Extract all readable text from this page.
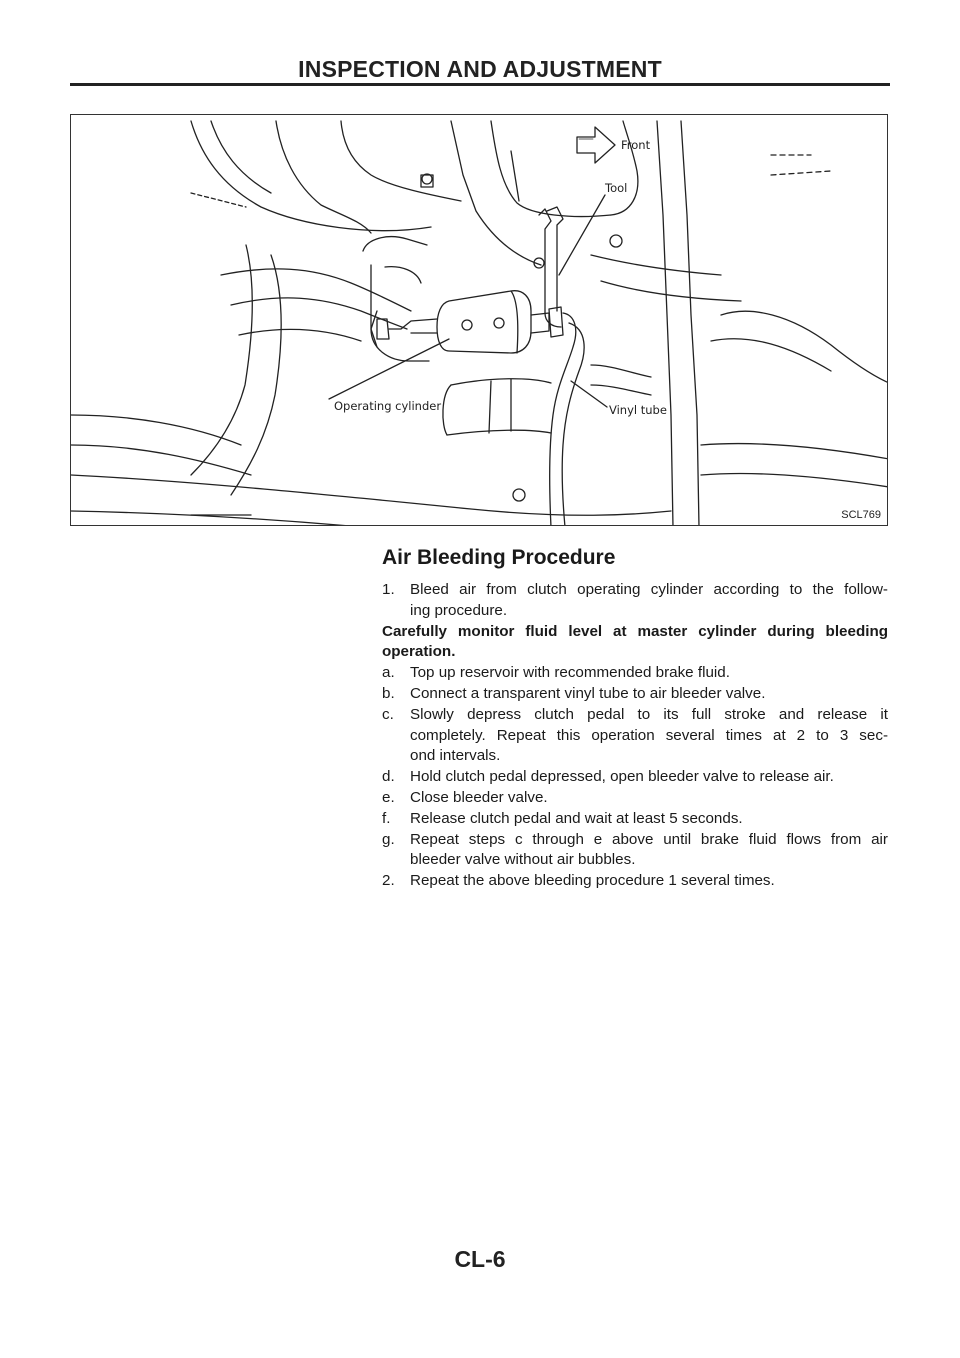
INSPECTION AND ADJUSTMENT
Front
Tool
Operating cylinder	Vinyl tube
SCL769
Air Bleeding Procedure
1.	Bleed air from clutch operating cylinder according to the follow-
ing procedure.
Carefully monitor fluid level at master cylinder during bleeding
operation.
a.	Top up reservoir with recommended brake fluid.
b.	Connect a transparent vinyl tube to air bleeder valve.
c.	Slowly depress clutch pedal to its full stroke and release it
completely. Repeat this operation several times at 2 to 3 sec-
ond intervals.
d.	Hold clutch pedal depressed, open bleeder valve to release air.
e.	Close bleeder valve.
f.	Release clutch pedal and wait at least 5 seconds.
g.	Repeat steps c through e above until brake fluid flows from air
bleeder valve without air bubbles.
2.	Repeat the above bleeding procedure 1 several times.
CL-6
